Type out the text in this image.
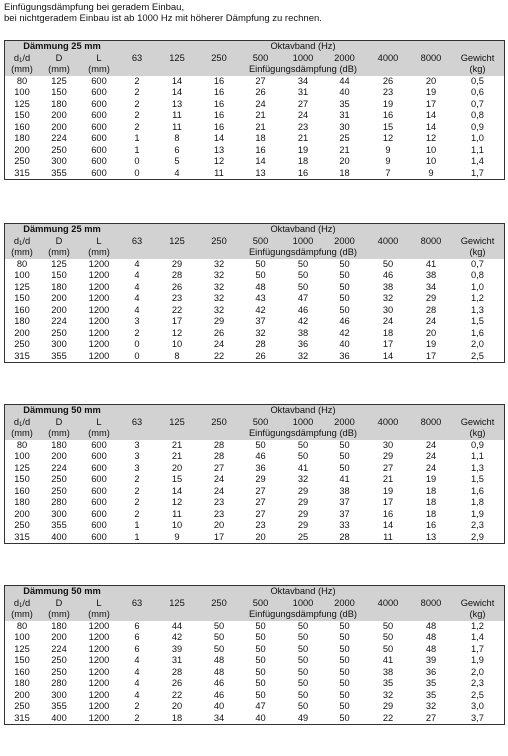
Einfügungsdämpfung bei geradem Einbau,
bei nichtgeradem Einbau ist ab 1000 Hz mit höherer Dämpfung zu rechnen.
Dämmung 25 mm	Oktavband (Hz)
$d_1/d$	D	L	63	125	250	500	1000	2000	4000	8000	Gewicht
(mm)	(mm)	(mm)	Einfügungsdämpfung (dB)	(kg)
80	125	600	2	14	16	27	34	44	26	20	0,5
100	150	600	2	14	16	26	31	40	23	19	0,6
125	180	600	2	13	16	24	27	35	19	17	0,7
150	200	600	2	11	16	21	24	31	16	14	0,8
160	200	600	2	11	16	21	23	30	15	14	0,9
180	224	600	1	8	14	18	21	25	12	12	1,0
200	250	600	1	6	13	16	19	21	9	10	1,1
250	300	600	0	5	12	14	18	20	9	10	1,4
315	355	600	0	4	11	13	16	18	7	9	1,7
Dämmung 25 mm	Oktavband (Hz)
$d_1/d$	D	L	63	125	250	500	1000	2000	4000	8000	Gewicht
(mm)	(mm)	(mm)	Einfügungsdämpfung (dB)	(kg)
80	125	1200	4	29	32	50	50	50	50	41	0,7
100	150	1200	4	28	32	50	50	50	46	38	0,8
125	180	1200	4	26	32	48	50	50	38	34	1,0
150	200	1200	4	23	32	43	47	50	32	29	1,2
160	200	1200	4	22	32	42	46	50	30	28	1,3
180	224	1200	3	17	29	37	42	46	24	24	1,5
200	250	1200	2	12	26	32	38	42	18	20	1,6
250	300	1200	0	10	24	28	36	40	17	19	2,0
315	355	1200	0	8	22	26	32	36	14	17	2,5
Dämmung 50 mm	Oktavband (Hz)
$d_1/d$	D	L	63	125	250	500	1000	2000	4000	8000	Gewicht
(mm)	(mm)	(mm)	Einfügungsdämpfung (dB)	(kg)
80	180	600	3	21	28	50	50	50	30	24	0,9
100	200	600	3	21	28	46	50	50	29	24	1,1
125	224	600	3	20	27	36	41	50	27	24	1,3
150	250	600	2	15	24	29	32	41	21	19	1,5
160	250	600	2	14	24	27	29	38	19	18	1,6
180	280	600	2	12	23	27	29	37	17	18	1,8
200	300	600	2	11	23	27	29	37	16	18	1,9
250	355	600	1	10	20	23	29	33	14	16	2,3
315	400	600	1	9	17	20	25	28	11	13	2,9
Dämmung 50 mm	Oktavband (Hz)
$d_1/d$	D	L	63	125	250	500	1000	2000	4000	8000	Gewicht
(mm)	(mm)	(mm)	Einfügungsdämpfung (dB)	(kg)
80	180	1200	6	44	50	50	50	50	50	48	1,2
100	200	1200	6	42	50	50	50	50	50	48	1,4
125	224	1200	6	39	50	50	50	50	50	48	1,7
150	250	1200	4	31	48	50	50	50	41	39	1,9
160	250	1200	4	28	48	50	50	50	38	36	2,0
180	280	1200	4	26	46	50	50	50	35	35	2,3
200	300	1200	4	22	46	50	50	50	32	35	2,5
250	355	1200	2	20	40	47	50	50	29	32	3,0
315	400	1200	2	18	34	40	49	50	22	27	3,7
